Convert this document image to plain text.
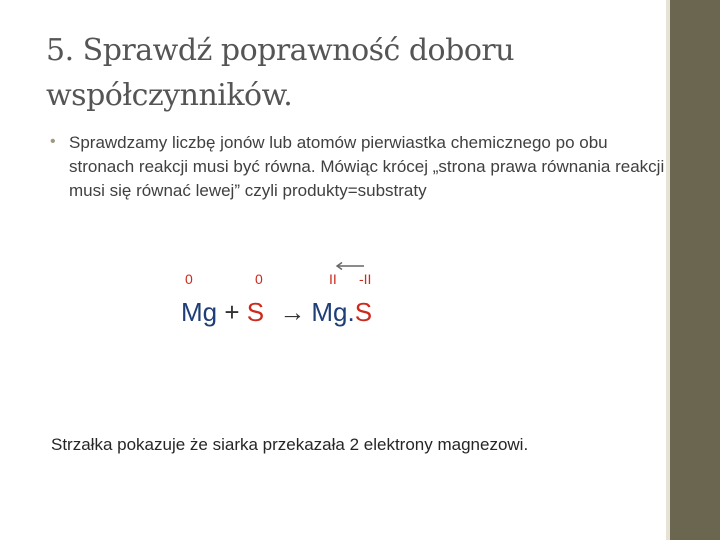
5. Sprawdź poprawność doboru współczynników.
• Sprawdzamy liczbę jonów lub atomów pierwiastka chemicznego po obu stronach reakcji musi być równa. Mówiąc krócej „strona prawa równania reakcji musi się równać lewej” czyli produkty=substraty
0	0	II -II
Mg + S → Mg.S
Strzałka pokazuje że siarka przekazała 2 elektrony magnezowi.
